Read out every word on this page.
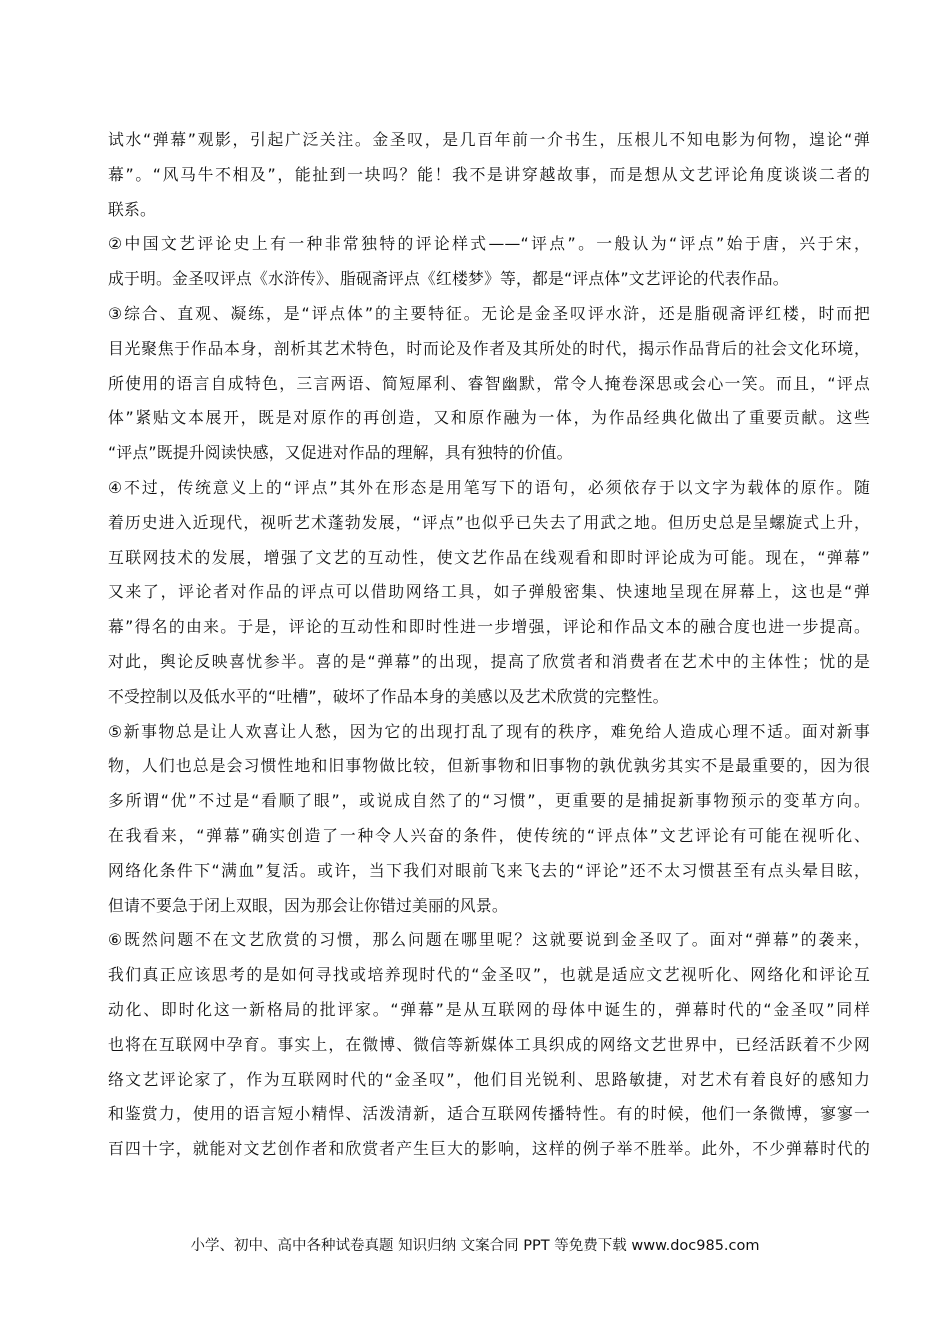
试水“弹幕”观影，引起广泛关注。金圣叹，是几百年前一介书生，压根儿不知电影为何物，遑论“弹
幕”。“风马牛不相及”，能扯到一块吗？能！我不是讲穿越故事，而是想从文艺评论角度谈谈二者的
联系。
②中国文艺评论史上有一种非常独特的评论样式——“评点”。一般认为“评点”始于唐，兴于宋，
成于明。金圣叹评点《水浒传》、脂砚斋评点《红楼梦》等，都是“评点体”文艺评论的代表作品。
③综合、直观、凝练，是“评点体”的主要特征。无论是金圣叹评水浒，还是脂砚斋评红楼，时而把
目光聚焦于作品本身，剖析其艺术特色，时而论及作者及其所处的时代，揭示作品背后的社会文化环境，
所使用的语言自成特色，三言两语、简短犀利、睿智幽默，常令人掩卷深思或会心一笑。而且，“评点
体”紧贴文本展开，既是对原作的再创造，又和原作融为一体，为作品经典化做出了重要贡献。这些
“评点”既提升阅读快感，又促进对作品的理解，具有独特的价值。
④不过，传统意义上的“评点”其外在形态是用笔写下的语句，必须依存于以文字为载体的原作。随
着历史进入近现代，视听艺术蓬勃发展，“评点”也似乎已失去了用武之地。但历史总是呈螺旋式上升，
互联网技术的发展，增强了文艺的互动性，使文艺作品在线观看和即时评论成为可能。现在，“弹幕”
又来了，评论者对作品的评点可以借助网络工具，如子弹般密集、快速地呈现在屏幕上，这也是“弹
幕”得名的由来。于是，评论的互动性和即时性进一步增强，评论和作品文本的融合度也进一步提高。
对此，舆论反映喜忧参半。喜的是“弹幕”的出现，提高了欣赏者和消费者在艺术中的主体性；忧的是
不受控制以及低水平的“吐槽”，破坏了作品本身的美感以及艺术欣赏的完整性。
⑤新事物总是让人欢喜让人愁，因为它的出现打乱了现有的秩序，难免给人造成心理不适。面对新事
物，人们也总是会习惯性地和旧事物做比较，但新事物和旧事物的孰优孰劣其实不是最重要的，因为很
多所谓“优”不过是“看顺了眼”，或说成自然了的“习惯”，更重要的是捕捉新事物预示的变革方向。
在我看来，“弹幕”确实创造了一种令人兴奋的条件，使传统的“评点体”文艺评论有可能在视听化、
网络化条件下“满血”复活。或许，当下我们对眼前飞来飞去的“评论”还不太习惯甚至有点头晕目眩，
但请不要急于闭上双眼，因为那会让你错过美丽的风景。
⑥既然问题不在文艺欣赏的习惯，那么问题在哪里呢？这就要说到金圣叹了。面对“弹幕”的袭来，
我们真正应该思考的是如何寻找或培养现时代的“金圣叹”，也就是适应文艺视听化、网络化和评论互
动化、即时化这一新格局的批评家。“弹幕”是从互联网的母体中诞生的，弹幕时代的“金圣叹”同样
也将在互联网中孕育。事实上，在微博、微信等新媒体工具织成的网络文艺世界中，已经活跃着不少网
络文艺评论家了，作为互联网时代的“金圣叹”，他们目光锐利、思路敏捷，对艺术有着良好的感知力
和鉴赏力，使用的语言短小精悍、活泼清新，适合互联网传播特性。有的时候，他们一条微博，寥寥一
百四十字，就能对文艺创作者和欣赏者产生巨大的影响，这样的例子举不胜举。此外，不少弹幕时代的
小学、初中、高中各种试卷真题 知识归纳 文案合同 PPT 等免费下载 www.doc985.com
